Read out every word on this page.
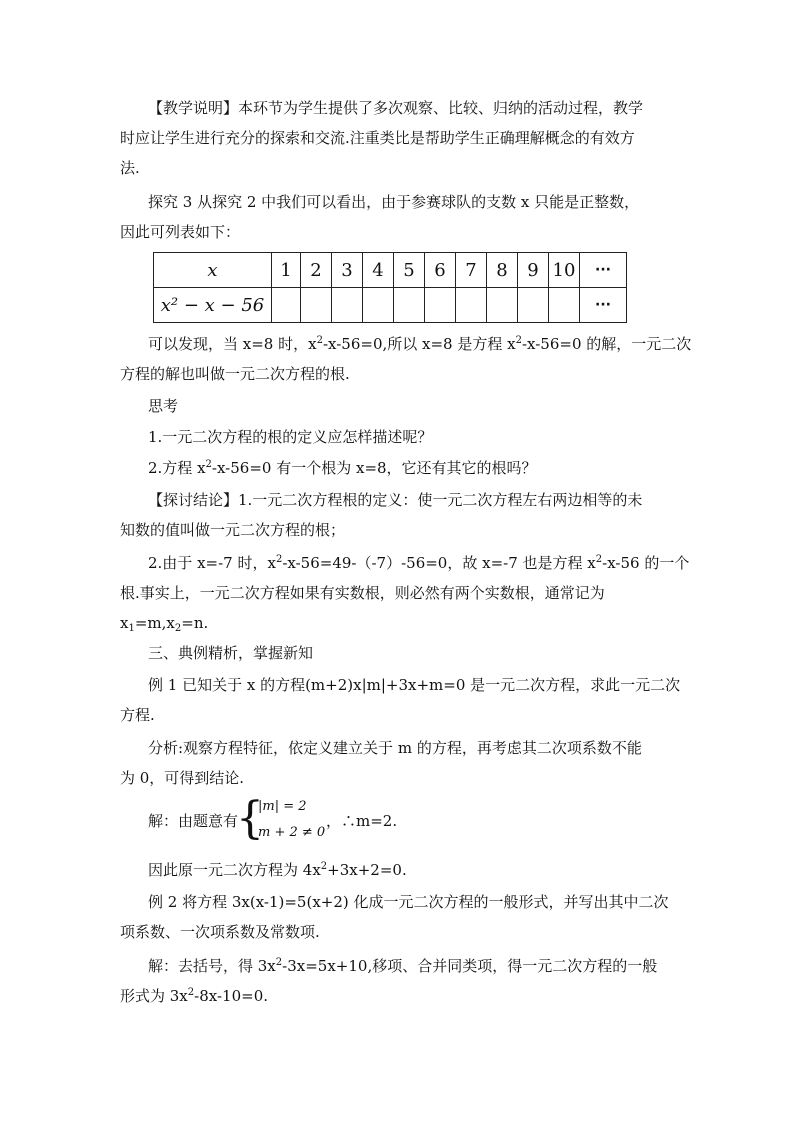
【教学说明】本环节为学生提供了多次观察、比较、归纳的活动过程，教学
时应让学生进行充分的探索和交流.注重类比是帮助学生正确理解概念的有效方
法.
探究 3 从探究 2 中我们可以看出，由于参赛球队的支数 x 只能是正整数，
因此可列表如下：
x	1	2	3	4	5	6	7	8	9	10	···
x² − x − 56											···
可以发现，当 x=8 时，$x^2-x-56=0$,所以 x=8 是方程 $x^2-x-56=0$ 的解，一元二次
方程的解也叫做一元二次方程的根.
思考
1.一元二次方程的根的定义应怎样描述呢？
2.方程 $x^2-x-56=0$ 有一个根为 x=8，它还有其它的根吗？
【探讨结论】1.一元二次方程根的定义：使一元二次方程左右两边相等的未
知数的值叫做一元二次方程的根；
2.由于 x=-7 时，$x^2-x-56=49-(-7)-56=0$，故 x=-7 也是方程 $x^2-x-56$ 的一个
根.事实上，一元二次方程如果有实数根，则必然有两个实数根，通常记为
$x_1=m,x_2=n$.
三、典例精析，掌握新知
例 1 已知关于 x 的方程(m+2)x|m|+3x+m=0 是一元二次方程，求此一元二次
方程.
分析:观察方程特征，依定义建立关于 m 的方程，再考虑其二次项系数不能
为 0，可得到结论.
解：由题意有
{
|m| = 2
m + 2 ≠ 0
，∴m=2.
因此原一元二次方程为 $4x^2+3x+2=0$.
例 2 将方程 3x(x-1)=5(x+2) 化成一元二次方程的一般形式，并写出其中二次
项系数、一次项系数及常数项.
解：去括号，得 $3x^2-3x=5x+10$,移项、合并同类项，得一元二次方程的一般
形式为 $3x^2-8x-10=0$.
